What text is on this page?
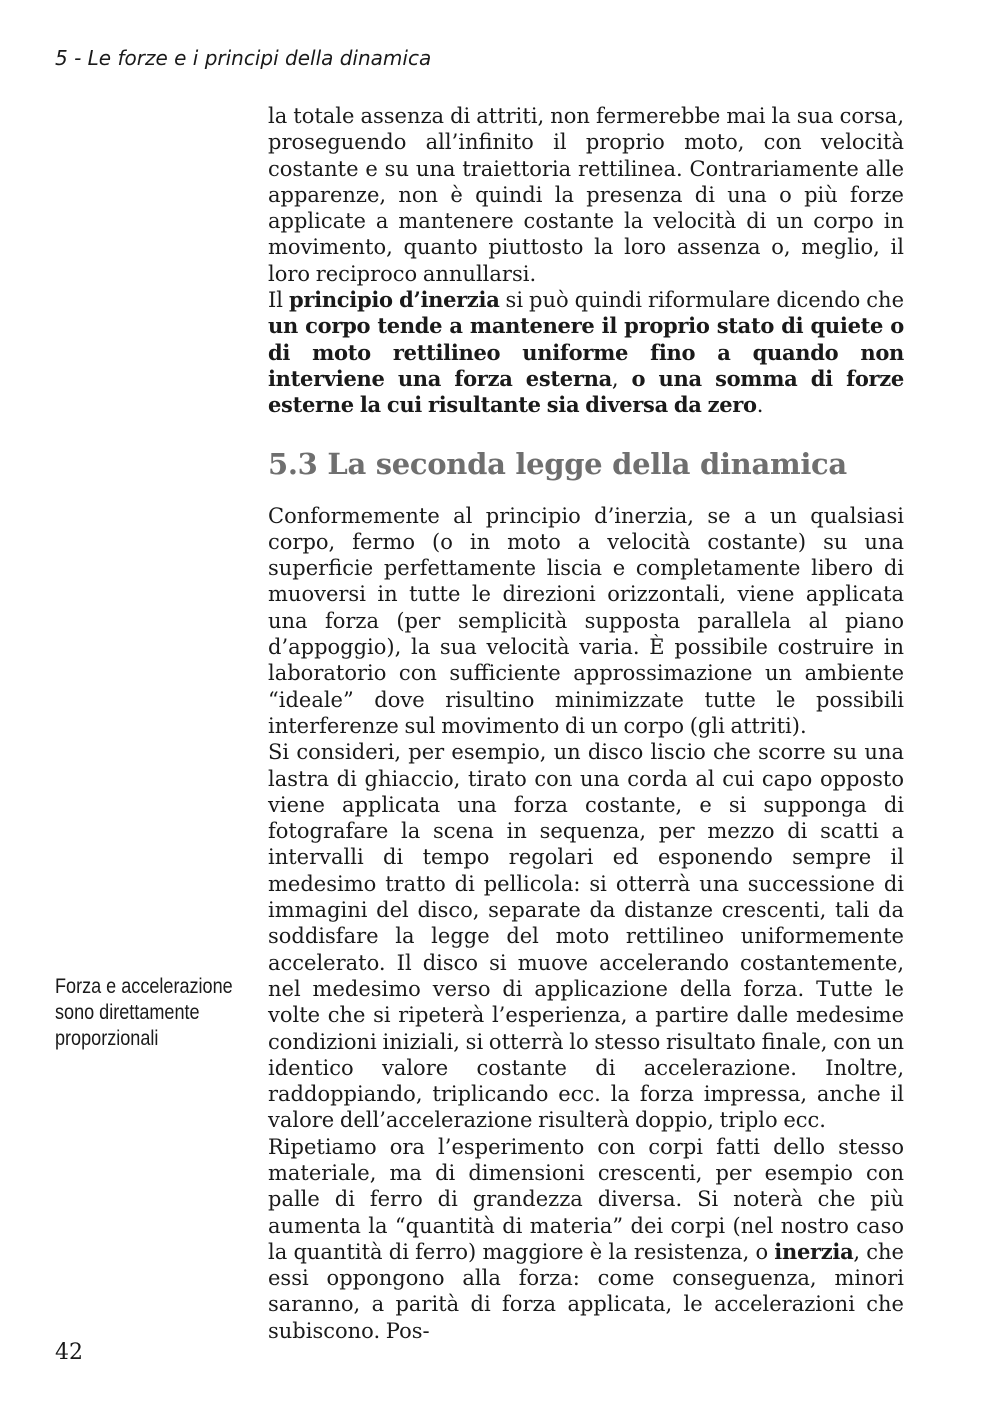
5 - Le forze e i principi della dinamica

la totale assenza di attriti, non fermerebbe mai la sua corsa, proseguendo all’infinito il proprio moto, con velocità costante e su una traiettoria rettilinea. Contrariamente alle apparenze, non è quindi la presenza di una o più forze applicate a mantenere costante la velocità di un corpo in movimento, quanto piuttosto la loro assenza o, meglio, il loro reciproco annullarsi.

Il principio d’inerzia si può quindi riformulare dicendo che un corpo tende a mantenere il proprio stato di quiete o di moto rettilineo uniforme fino a quando non interviene una forza esterna, o una somma di forze esterne la cui risultante sia diversa da zero.

5.3 La seconda legge della dinamica

Conformemente al principio d’inerzia, se a un qualsiasi corpo, fermo (o in moto a velocità costante) su una superficie perfettamente liscia e completamente libero di muoversi in tutte le direzioni orizzontali, viene applicata una forza (per semplicità supposta parallela al piano d’appoggio), la sua velocità varia. È possibile costruire in laboratorio con sufficiente approssimazione un ambiente “ideale” dove risultino minimizzate tutte le possibili interferenze sul movimento di un corpo (gli attriti).

Si consideri, per esempio, un disco liscio che scorre su una lastra di ghiaccio, tirato con una corda al cui capo opposto viene applicata una forza costante, e si supponga di fotografare la scena in sequenza, per mezzo di scatti a intervalli di tempo regolari ed esponendo sempre il medesimo tratto di pellicola: si otterrà una successione di immagini del disco, separate da distanze crescenti, tali da soddisfare la legge del moto rettilineo uniformemente accelerato. Il disco si muove accelerando costantemente, nel medesimo verso di applicazione della forza. Tutte le volte che si ripeterà l’esperienza, a partire dalle medesime condizioni iniziali, si otterrà lo stesso risultato finale, con un identico valore costante di accelerazione. Inoltre, raddoppiando, triplicando ecc. la forza impressa, anche il valore dell’accelerazione risulterà doppio, triplo ecc.

Ripetiamo ora l’esperimento con corpi fatti dello stesso materiale, ma di dimensioni crescenti, per esempio con palle di ferro di grandezza diversa. Si noterà che più aumenta la “quantità di materia” dei corpi (nel nostro caso la quantità di ferro) maggiore è la resistenza, o inerzia, che essi oppongono alla forza: come conseguenza, minori saranno, a parità di forza applicata, le accelerazioni che subiscono. Pos-

Forza e accelerazione
sono direttamente
proporzionali

42
